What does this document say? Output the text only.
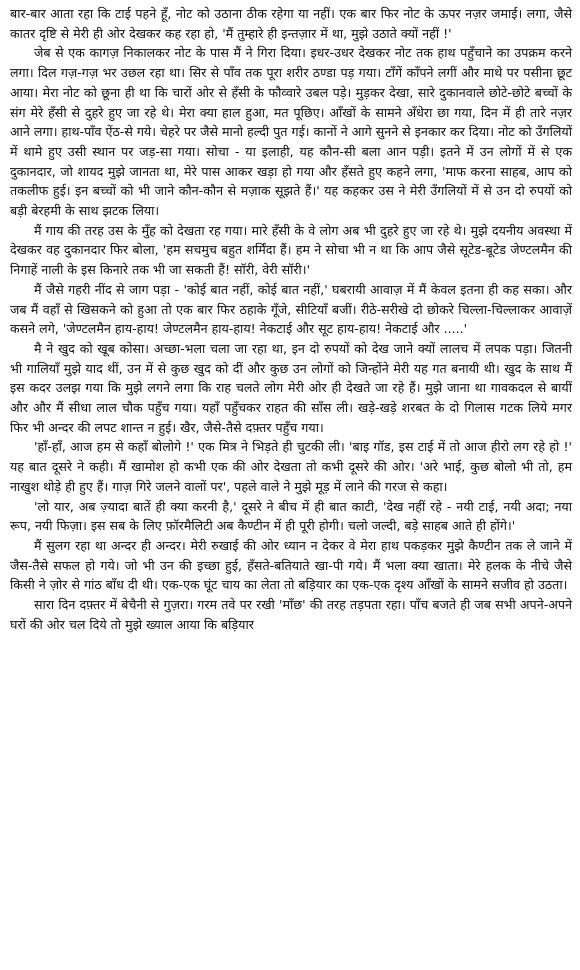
बार-बार आता रहा कि टाई पहने हूँ, नोट को उठाना ठीक रहेगा या नहीं। एक बार फिर नोट के ऊपर नज़र जमाई। लगा, जैसे कातर दृष्टि से मेरी ही ओर देखकर कह रहा हो, 'मैं तुम्हारे ही इन्तज़ार में था, मुझे उठाते क्यों नहीं !'

जेब से एक कागज़ निकालकर नोट के पास मैं ने गिरा दिया। इधर-उधर देखकर नोट तक हाथ पहुँचाने का उपक्रम करने लगा। दिल गज़-गज़ भर उछल रहा था। सिर से पाँव तक पूरा शरीर ठण्डा पड़ गया। टाँगें काँपने लगीं और माथे पर पसीना छूट आया। मेरा नोट को छूना ही था कि चारों ओर से हँसी के फौव्वारे उबल पड़े। मुड़कर देखा, सारे दुकानवाले छोटे-छोटे बच्चों के संग मेरे हँसी से दुहरे हुए जा रहे थे। मेरा क्या हाल हुआ, मत पूछिए। आँखों के सामने अँधेरा छा गया, दिन में ही तारे नज़र आने लगा। हाथ-पाँव ऐंठ-से गये। चेहरे पर जैसे मानो हल्दी पुत गई। कानों ने आगे सुनने से इनकार कर दिया। नोट को उँगलियों में थामे हुए उसी स्थान पर जड़-सा गया। सोचा - या इलाही, यह कौन-सी बला आन पड़ी। इतने में उन लोगों में से एक दुकानदार, जो शायद मुझे जानता था, मेरे पास आकर खड़ा हो गया और हँसते हुए कहने लगा, 'माफ करना साहब, आप को तकलीफ हुई। इन बच्चों को भी जाने कौन-कौन से मज़ाक सूझते हैं।' यह कहकर उस ने मेरी उँगलियों में से उन दो रुपयों को बड़ी बेरहमी के साथ झटक लिया।

मैं गाय की तरह उस के मुँह को देखता रह गया। मारे हँसी के वे लोग अब भी दुहरे हुए जा रहे थे। मुझे दयनीय अवस्था में देखकर वह दुकानदार फिर बोला, 'हम सचमुच बहुत शर्मिंदा हैं। हम ने सोचा भी न था कि आप जैसे सूटेड-बूटेड जेण्टलमैन की निगाहें नाली के इस किनारे तक भी जा सकती हैं! सॉरी, वेरी सॉरी।'

मैं जैसे गहरी नींद से जाग पड़ा - 'कोई बात नहीं, कोई बात नहीं,' घबरायी आवाज़ में मैं केवल इतना ही कह सका। और जब मैं वहाँ से खिसकने को हुआ तो एक बार फिर ठहाके गूँजे, सीटियाँ बजीं। रीठे-सरीखे दो छोकरे चिल्ला-चिल्लाकर आवाज़ें कसने लगे, 'जेण्टलमैन हाय-हाय! जेण्टलमैन हाय-हाय! नेकटाई और सूट हाय-हाय! नेकटाई और .....'

मै ने खुद को खूब कोसा। अच्छा-भला चला जा रहा था, इन दो रुपयों को देख जाने क्यों लालच में लपक पड़ा। जितनी भी गालियाँ मुझे याद थीं, उन में से कुछ खुद को दीं और कुछ उन लोगों को जिन्होंने मेरी यह गत बनायी थी। खुद के साथ मैं इस कदर उलझ गया कि मुझे लगने लगा कि राह चलते लोग मेरी ओर ही देखते जा रहे हैं। मुझे जाना था गावकदल से बायीं और और मैं सीधा लाल चौक पहुँच गया। यहाँ पहुँचकर राहत की साँस ली। खड़े-खड़े शरबत के दो गिलास गटक लिये मगर फिर भी अन्दर की लपट शान्त न हुई। खैर, जैसे-तैसे दफ़्तर पहुँच गया।

'हाँ-हाँ, आज हम से कहाँ बोलोगे !' एक मित्र ने भिड़ते ही चुटकी ली। 'बाइ गॉड, इस टाई में तो आज हीरो लग रहे हो !' यह बात दूसरे ने कही। मैं खामोश हो कभी एक की ओर देखता तो कभी दूसरे की ओर। 'अरे भाई, कुछ बोलो भी तो, हम नाखुश थोड़े ही हुए हैं। गाज़ गिरे जलने वालों पर', पहले वाले ने मुझे मूड़ में लाने की गरज से कहा।

'लो यार, अब ज़्यादा बातें ही क्या करनी है,' दूसरे ने बीच में ही बात काटी, 'देख नहीं रहे - नयी टाई, नयी अदा; नया रूप, नयी फिज़ा। इस सब के लिए फ़ॉरमैलिटी अब कैण्टीन में ही पूरी होगी। चलो जल्दी, बड़े साहब आते ही होंगे।'

मैं सुलग रहा था अन्दर ही अन्दर। मेरी रुखाई की ओर ध्यान न देकर वे मेरा हाथ पकड़कर मुझे कैण्टीन तक ले जाने में जैस-तैसे सफल हो गये। जो भी उन की इच्छा हुई, हँसते-बतियाते खा-पी गये। मैं भला क्या खाता। मेरे हलक के नीचे जैसे किसी ने ज़ोर से गांठ बाँध दी थी। एक-एक घूंट चाय का लेता तो बड़ियार का एक-एक दृश्य आँखों के सामने सजीव हो उठता।

सारा दिन दफ़्तर में बेचैनी से गुज़रा। गरम तवे पर रखी 'माँछ' की तरह तड़पता रहा। पाँच बजते ही जब सभी अपने-अपने घरों की ओर चल दिये तो मुझे ख्याल आया कि बड़ियार
